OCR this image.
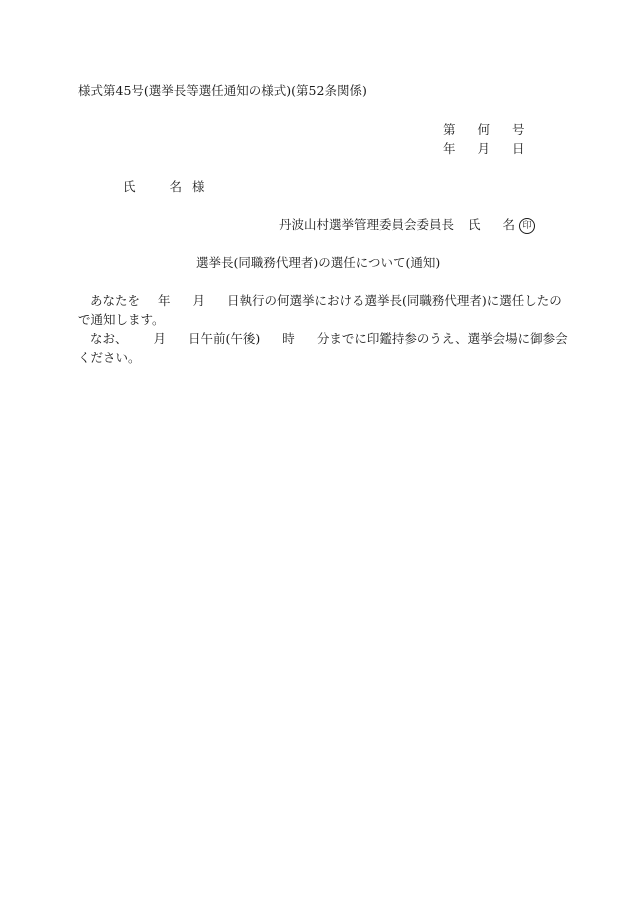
様式第45号(選挙長等選任通知の様式)(第52条関係)
第 何 号
年 月 日
氏	名 様
丹波山村選挙管理委員会委員長 氏 名 印
選挙長(同職務代理者)の選任について(通知)

あなたを 年 月 日執行の何選挙における選挙長(同職務代理者)に選任したの

で通知します。

なお、 月 日午前(午後) 時 分までに印鑑持参のうえ、選挙会場に御参会

ください。
